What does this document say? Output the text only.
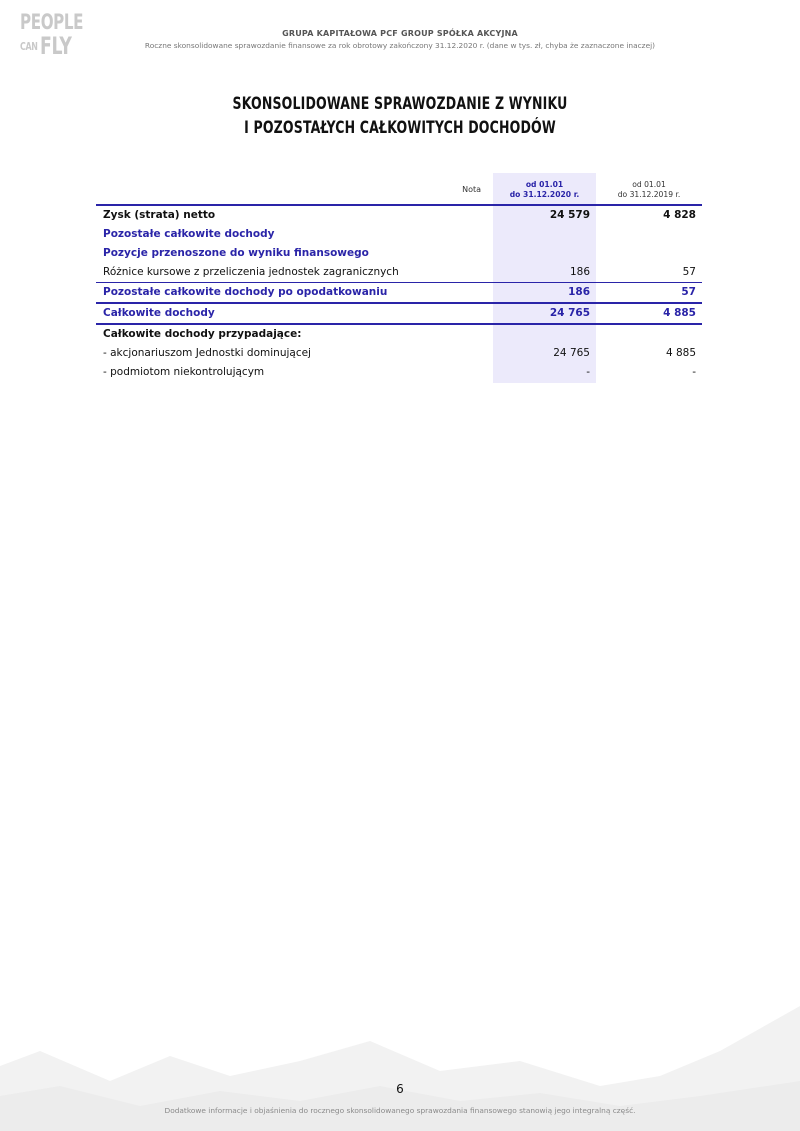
PEOPLE
CAN FLY	GRUPA KAPITAŁOWA PCF GROUP SPÓŁKA AKCYJNA
Roczne skonsolidowane sprawozdanie finansowe za rok obrotowy zakończony 31.12.2020 r. (dane w tys. zł, chyba że zaznaczone inaczej)
SKONSOLIDOWANE SPRAWOZDANIE Z WYNIKU
I POZOSTAŁYCH CAŁKOWITYCH DOCHODÓW
Nota
od 01.01
do 31.12.2020 r.
od 01.01
do 31.12.2019 r.
Zysk (strata) netto	24 579	4 828
Pozostałe całkowite dochody
Pozycje przenoszone do wyniku finansowego
Różnice kursowe z przeliczenia jednostek zagranicznych	186	57
Pozostałe całkowite dochody po opodatkowaniu	186	57
Całkowite dochody	24 765	4 885
Całkowite dochody przypadające:
- akcjonariuszom Jednostki dominującej	24 765	4 885
- podmiotom niekontrolującym	-	-
6
Dodatkowe informacje i objaśnienia do rocznego skonsolidowanego sprawozdania finansowego stanowią jego integralną część.
